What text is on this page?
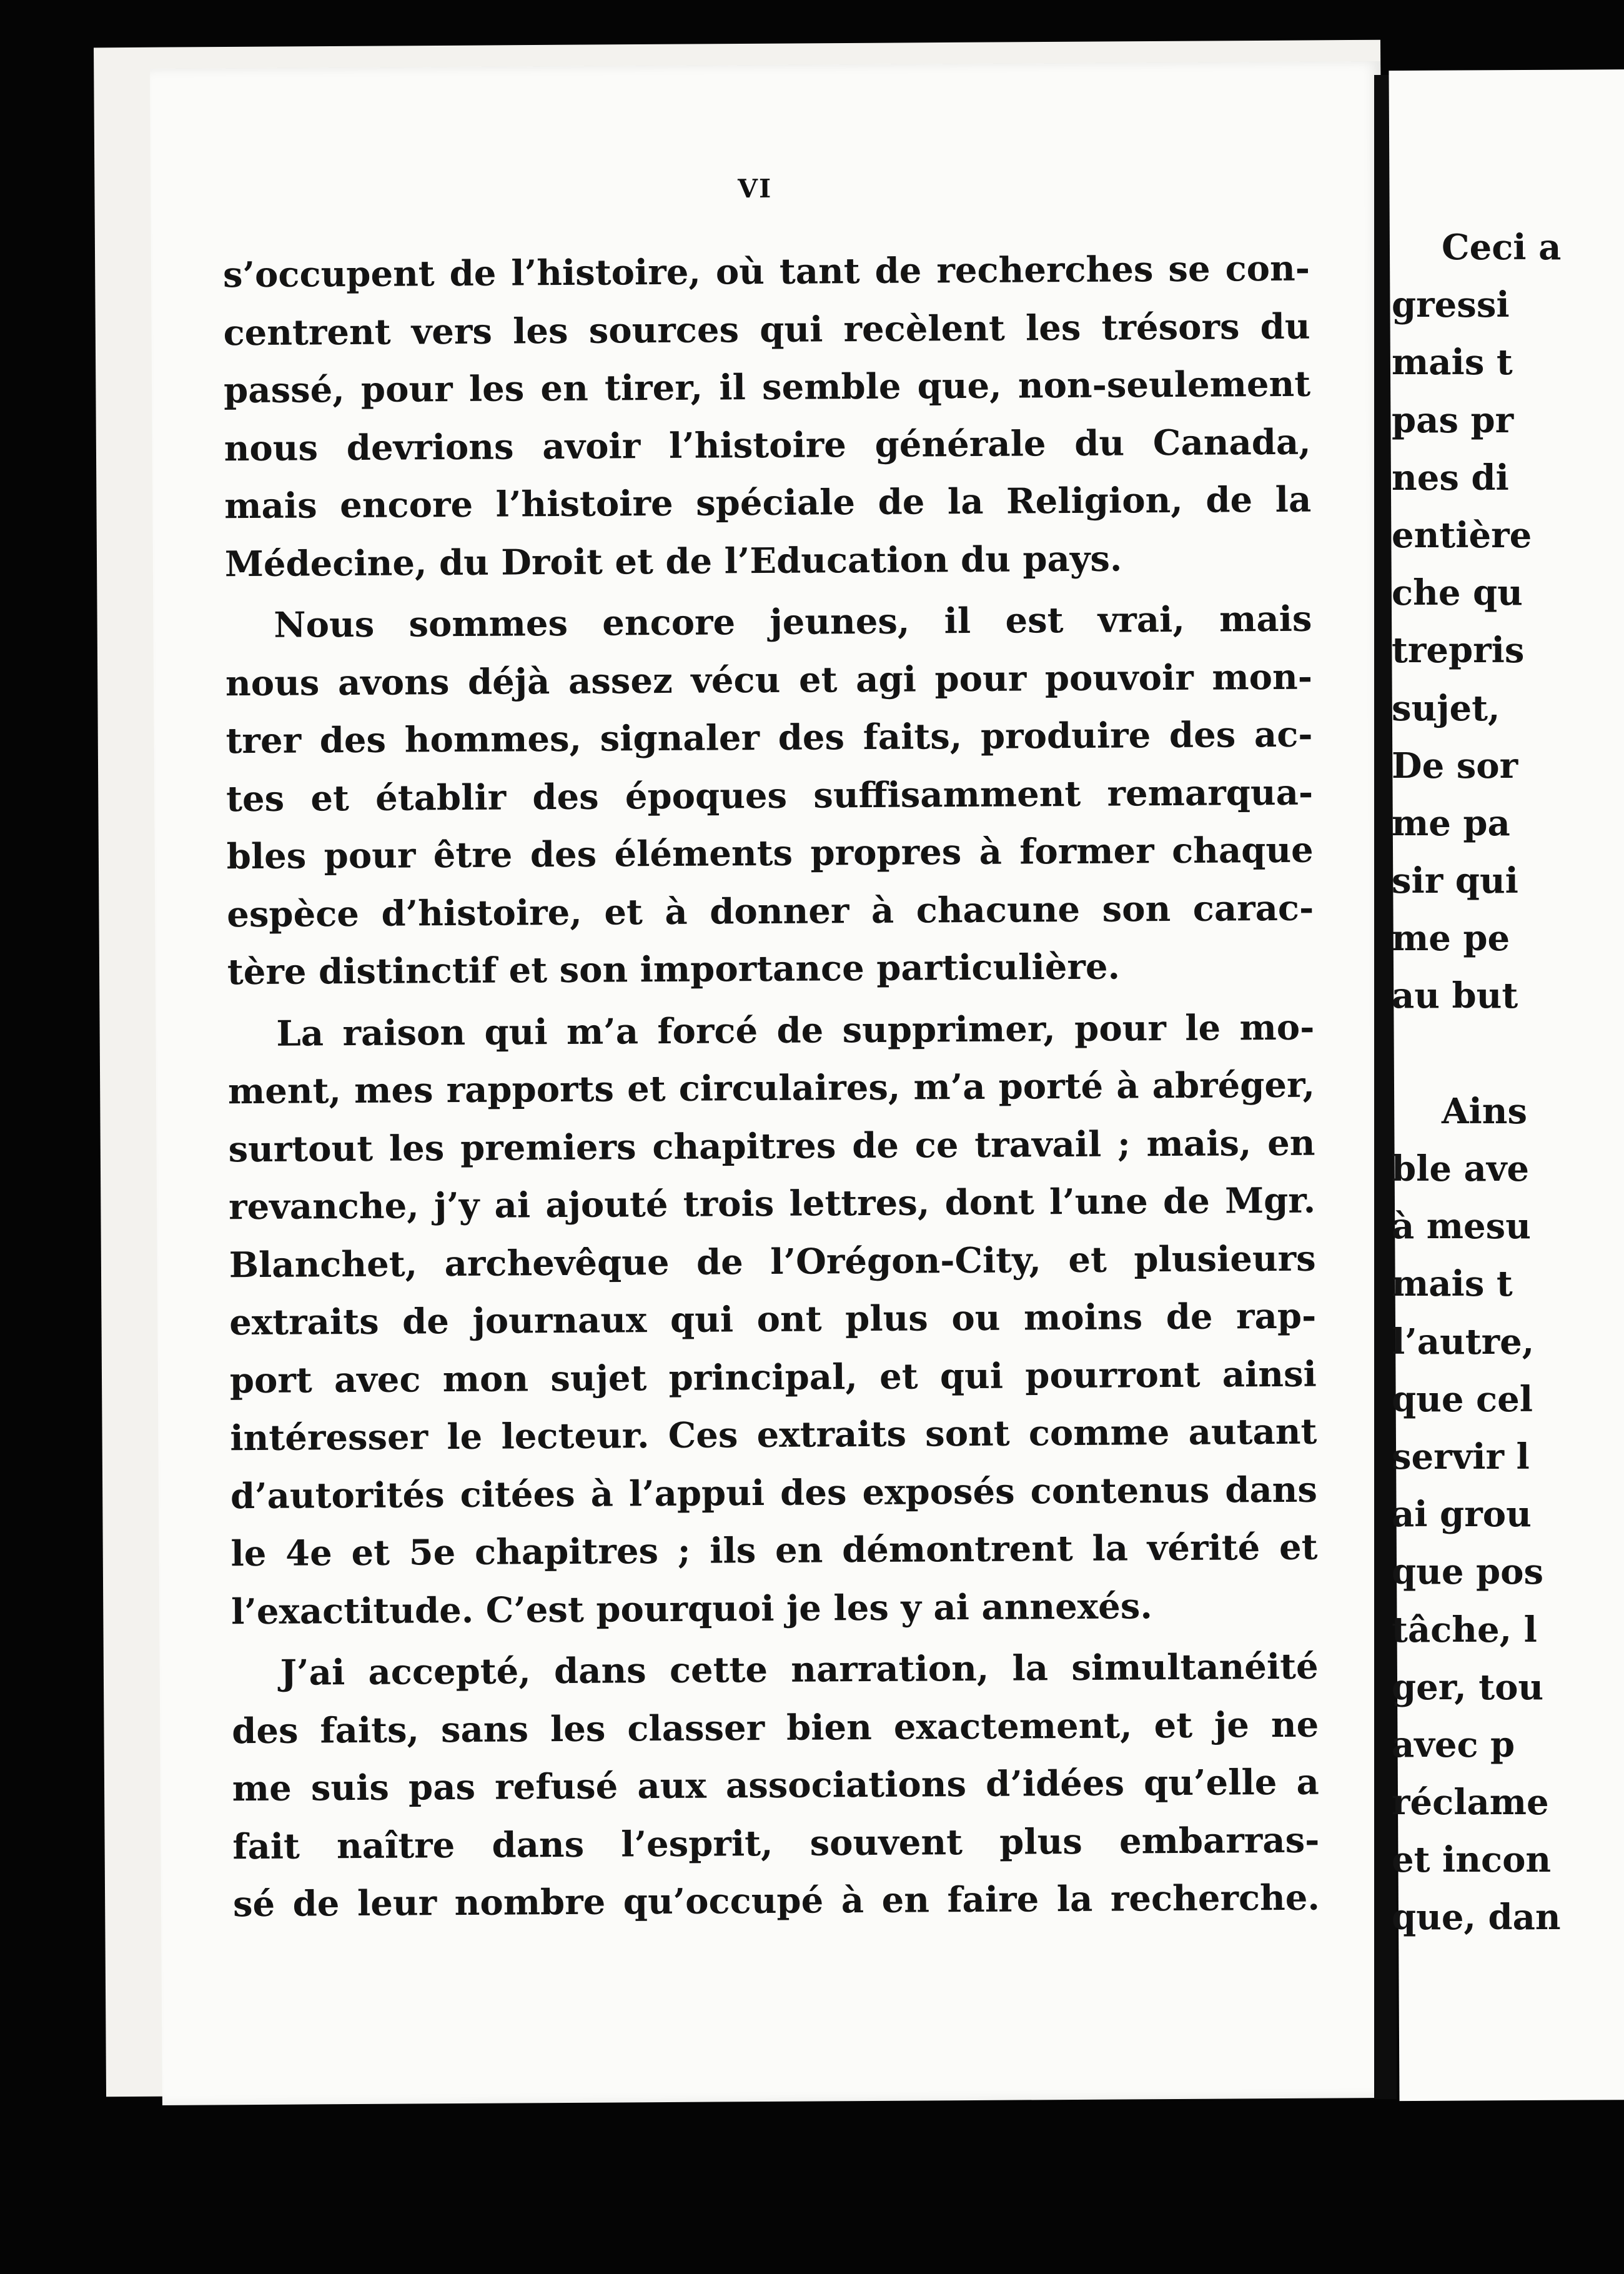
vi
s’occupent de l’histoire, où tant de recherches se con-
centrent vers les sources qui recèlent les trésors du
passé, pour les en tirer, il semble que, non-seulement
nous devrions avoir l’histoire générale du Canada,
mais encore l’histoire spéciale de la Religion, de la
Médecine, du Droit et de l’Education du pays.
Nous sommes encore jeunes, il est vrai, mais
nous avons déjà assez vécu et agi pour pouvoir mon-
trer des hommes, signaler des faits, produire des ac-
tes et établir des époques suffisamment remarqua-
bles pour être des éléments propres à former chaque
espèce d’histoire, et à donner à chacune son carac-
tère distinctif et son importance particulière.
La raison qui m’a forcé de supprimer, pour le mo-
ment, mes rapports et circulaires, m’a porté à abréger,
surtout les premiers chapitres de ce travail ; mais, en
revanche, j’y ai ajouté trois lettres, dont l’une de Mgr.
Blanchet, archevêque de l’Orégon-City, et plusieurs
extraits de journaux qui ont plus ou moins de rap-
port avec mon sujet principal, et qui pourront ainsi
intéresser le lecteur. Ces extraits sont comme autant
d’autorités citées à l’appui des exposés contenus dans
le 4e et 5e chapitres ; ils en démontrent la vérité et
l’exactitude. C’est pourquoi je les y ai annexés.
J’ai accepté, dans cette narration, la simultanéité
des faits, sans les classer bien exactement, et je ne
me suis pas refusé aux associations d’idées qu’elle a
fait naître dans l’esprit, souvent plus embarras-
sé de leur nombre qu’occupé à en faire la recherche.
Ceci a
gressi
mais t
pas pr
nes di
entière
che qu
trepris
sujet,
De sor
me pa
sir qui
me pe
au but
Ains
ble ave
à mesu
mais t
l’autre,
que cel
servir l
ai grou
que pos
tâche, l
ger, tou
avec p
réclame
et incon
que, dan
